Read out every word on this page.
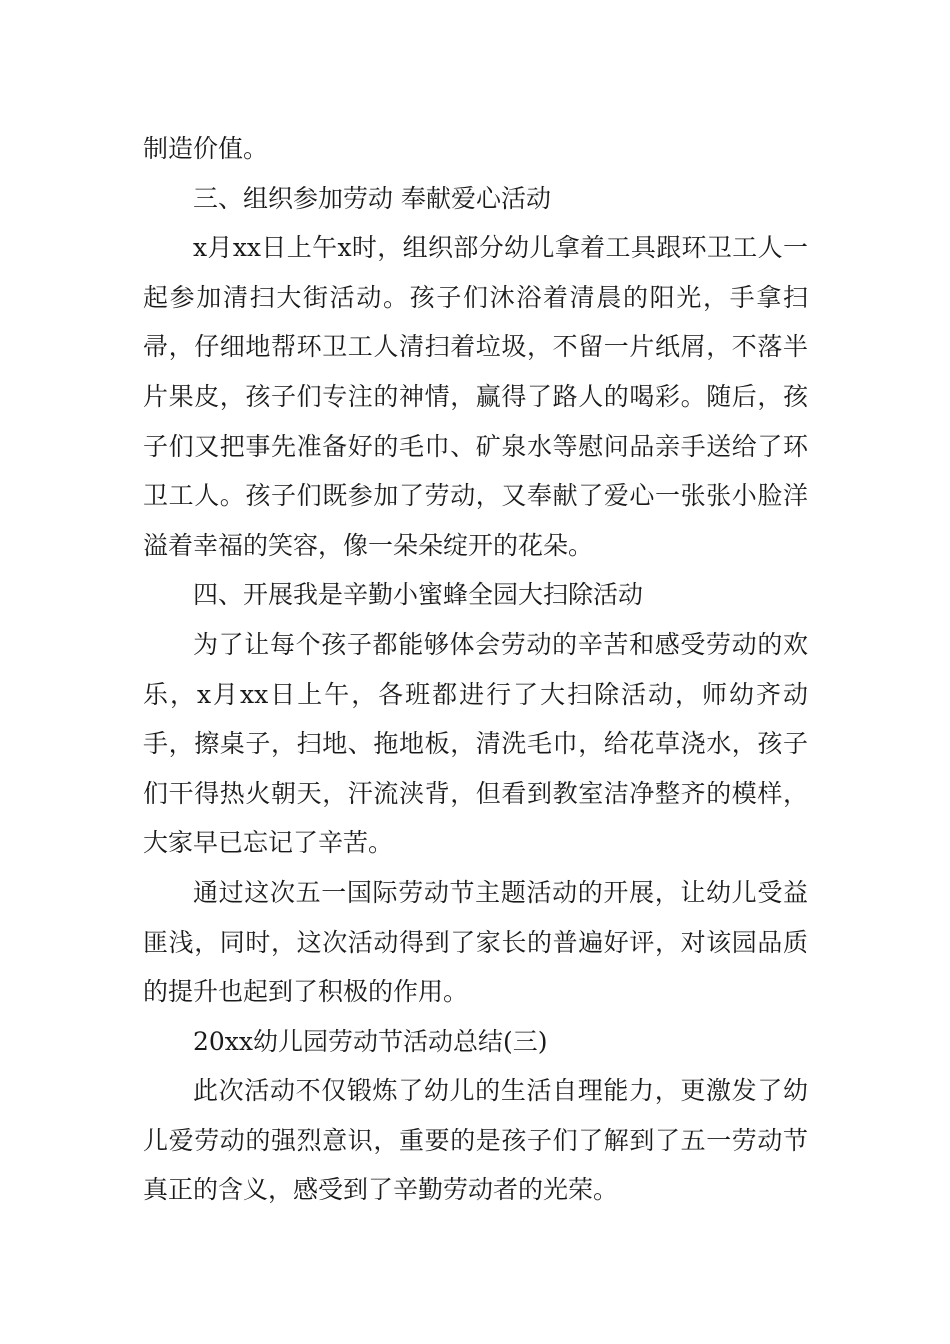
制造价值。

三、组织参加劳动 奉献爱心活动

x月xx日上午x时，组织部分幼儿拿着工具跟环卫工人一起参加清扫大街活动。孩子们沐浴着清晨的阳光，手拿扫帚，仔细地帮环卫工人清扫着垃圾，不留一片纸屑，不落半片果皮，孩子们专注的神情，赢得了路人的喝彩。随后，孩子们又把事先准备好的毛巾、矿泉水等慰问品亲手送给了环卫工人。孩子们既参加了劳动，又奉献了爱心一张张小脸洋溢着幸福的笑容，像一朵朵绽开的花朵。

四、开展我是辛勤小蜜蜂全园大扫除活动

为了让每个孩子都能够体会劳动的辛苦和感受劳动的欢乐，x月xx日上午，各班都进行了大扫除活动，师幼齐动手，擦桌子，扫地、拖地板，清洗毛巾，给花草浇水，孩子们干得热火朝天，汗流浃背，但看到教室洁净整齐的模样，大家早已忘记了辛苦。

通过这次五一国际劳动节主题活动的开展，让幼儿受益匪浅，同时，这次活动得到了家长的普遍好评，对该园品质的提升也起到了积极的作用。

20xx幼儿园劳动节活动总结(三)

此次活动不仅锻炼了幼儿的生活自理能力，更激发了幼儿爱劳动的强烈意识，重要的是孩子们了解到了五一劳动节真正的含义，感受到了辛勤劳动者的光荣。
